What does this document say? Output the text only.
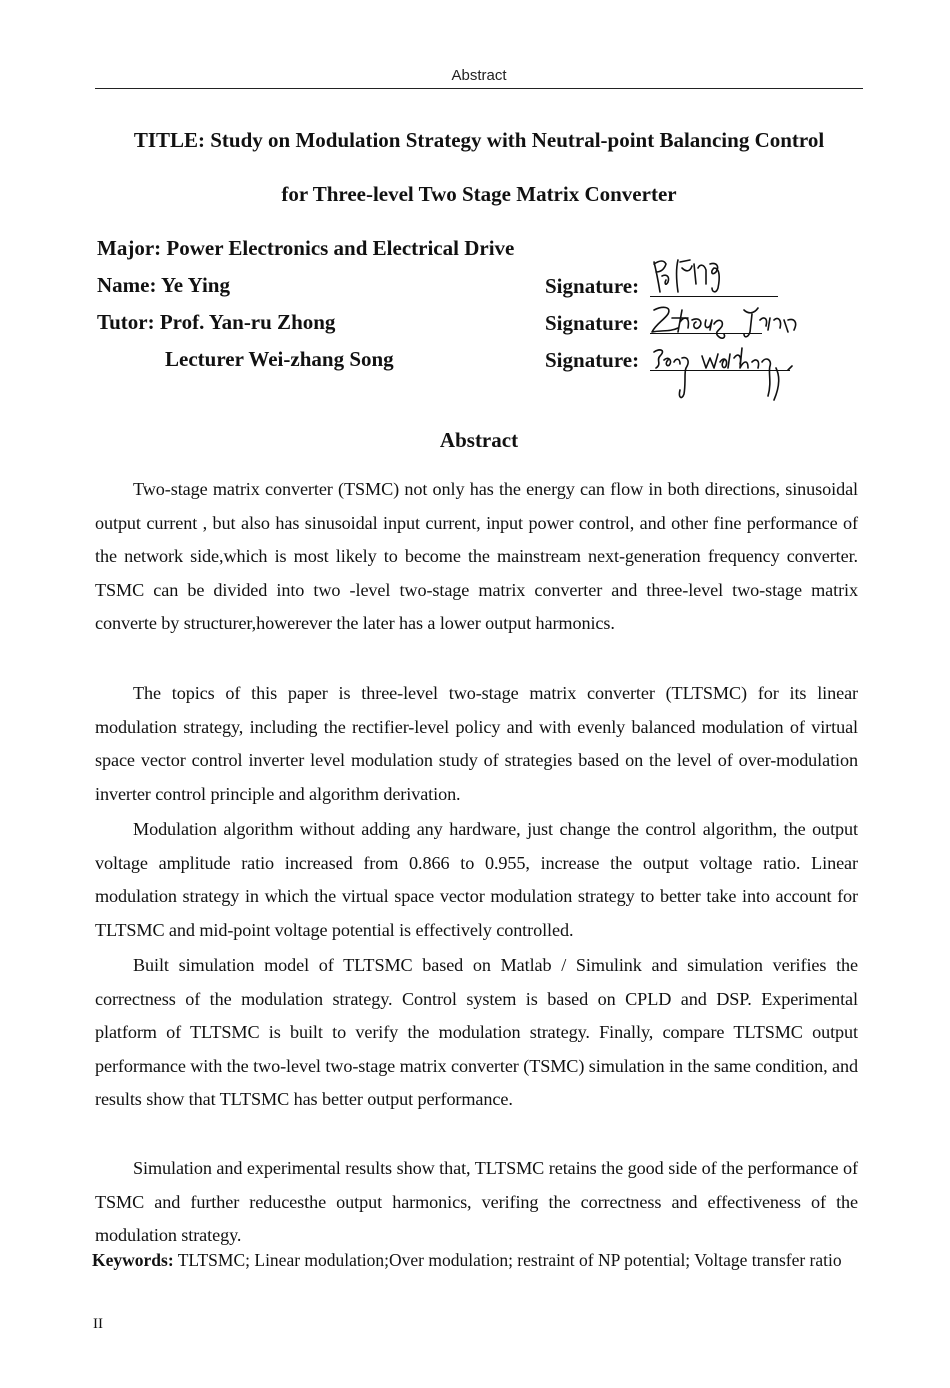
Abstract
TITLE: Study on Modulation Strategy with Neutral-point Balancing Control
for Three-level Two Stage Matrix Converter
Major: Power Electronics and Electrical Drive
Name: Ye Ying
Tutor: Prof. Yan-ru Zhong
Lecturer Wei-zhang Song
Signature:
Signature:
Signature:
Abstract
Two-stage matrix converter (TSMC) not only has the energy can flow in both directions, sinusoidal output current , but also has sinusoidal input current, input power control, and other fine performance of the network side,which is most likely to become the mainstream next-generation frequency converter. TSMC can be divided into two -level two-stage matrix converter and three-level two-stage matrix converte by structurer,howerever the later has a lower output harmonics.
The topics of this paper is three-level two-stage matrix converter (TLTSMC) for its linear modulation strategy, including the rectifier-level policy and with evenly balanced modulation of virtual space vector control inverter level modulation study of strategies based on the level of over-modulation inverter control principle and algorithm derivation.
Modulation algorithm without adding any hardware, just change the control algorithm, the output voltage amplitude ratio increased from 0.866 to 0.955, increase the output voltage ratio. Linear modulation strategy in which the virtual space vector modulation strategy to better take into account for TLTSMC and mid-point voltage potential is effectively controlled.
Built simulation model of TLTSMC based on Matlab / Simulink and simulation verifies the correctness of the modulation strategy. Control system is based on CPLD and DSP. Experimental platform of TLTSMC is built to verify the modulation strategy. Finally, compare TLTSMC output performance with the two-level two-stage matrix converter (TSMC) simulation in the same condition, and results show that TLTSMC has better output performance.
Simulation and experimental results show that, TLTSMC retains the good side of the performance of TSMC and further reducesthe output harmonics, verifing the correctness and effectiveness of the modulation strategy.
Keywords: TLTSMC; Linear modulation;Over modulation; restraint of NP potential; Voltage transfer ratio
II
